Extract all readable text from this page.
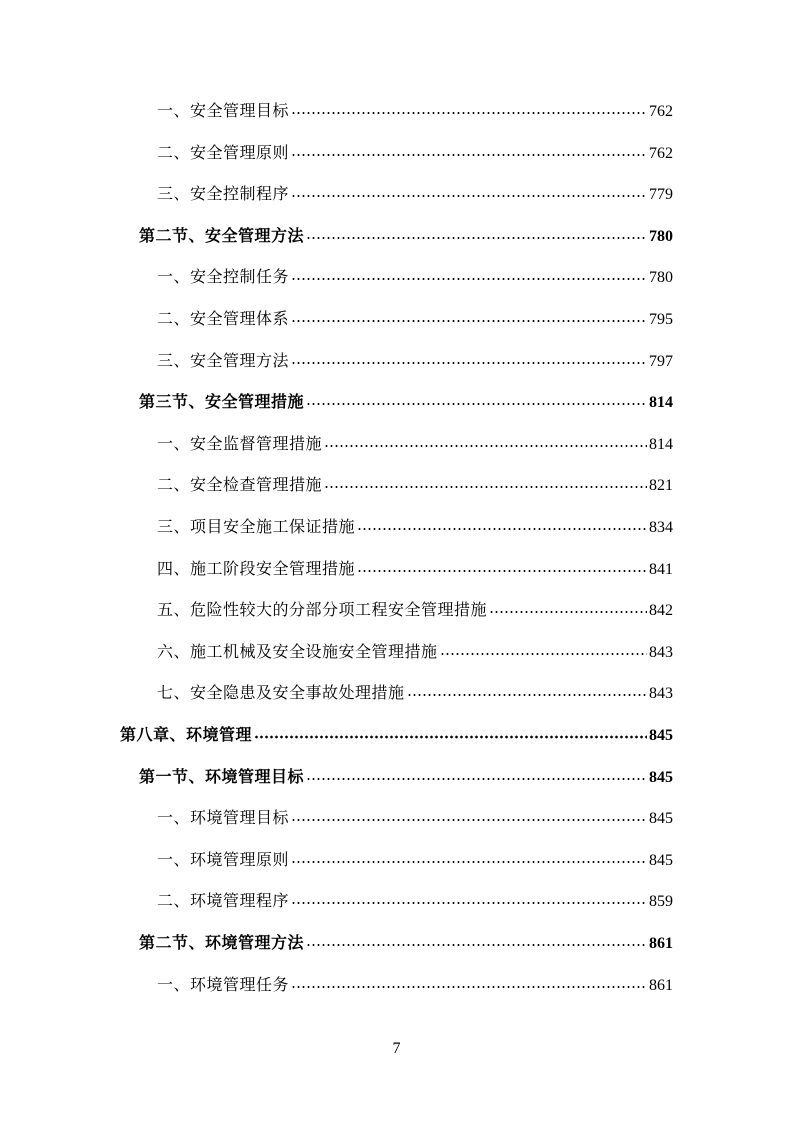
一、安全管理目标	762
二、安全管理原则	762
三、安全控制程序	779
第二节、安全管理方法	780
一、安全控制任务	780
二、安全管理体系	795
三、安全管理方法	797
第三节、安全管理措施	814
一、安全监督管理措施	814
二、安全检查管理措施	821
三、项目安全施工保证措施	834
四、施工阶段安全管理措施	841
五、危险性较大的分部分项工程安全管理措施	842
六、施工机械及安全设施安全管理措施	843
七、安全隐患及安全事故处理措施	843
第八章、环境管理	845
第一节、环境管理目标	845
一、环境管理目标	845
一、环境管理原则	845
二、环境管理程序	859
第二节、环境管理方法	861
一、环境管理任务	861
7
